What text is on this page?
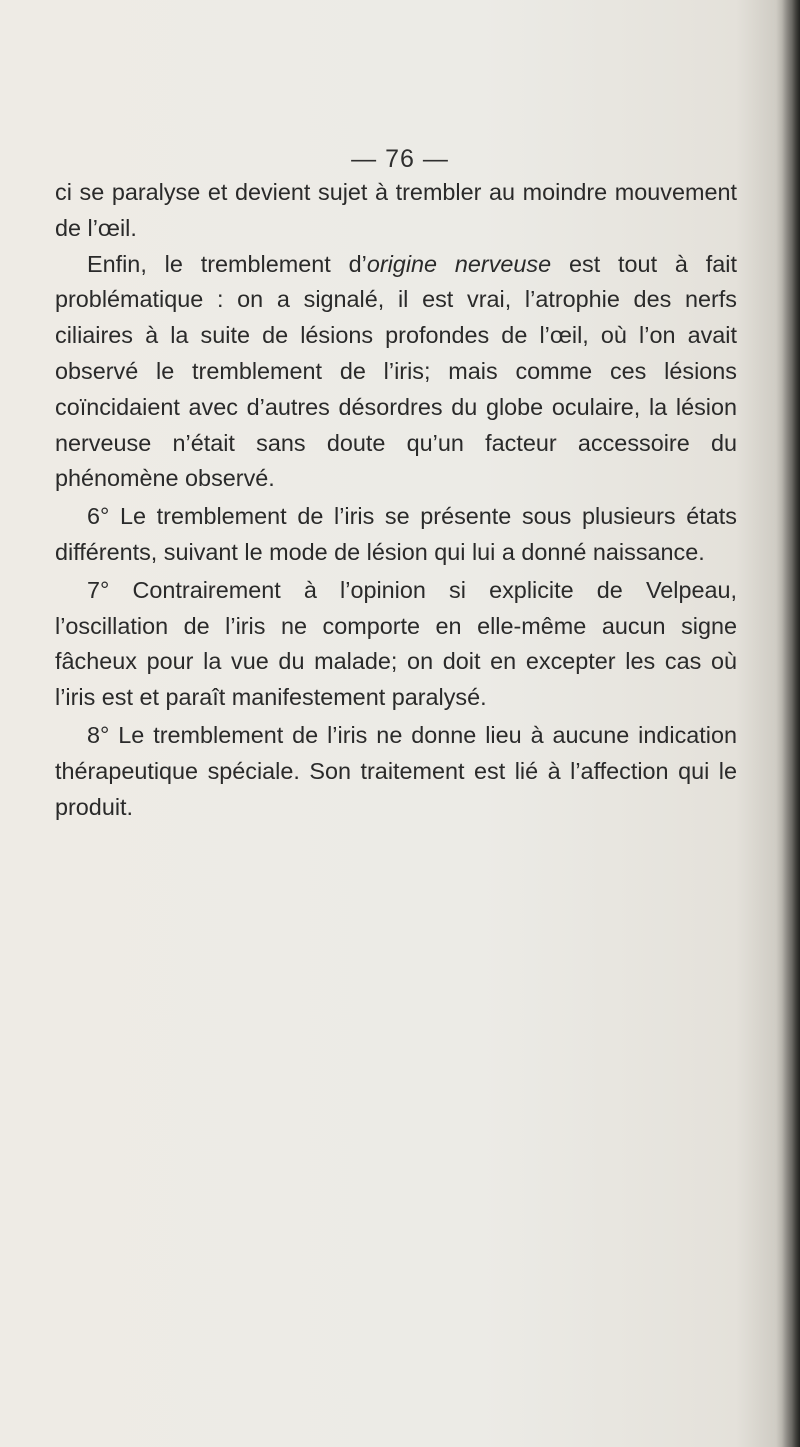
— 76 —

ci se paralyse et devient sujet à trembler au moindre mouvement de l’œil.

Enfin, le tremblement d’origine nerveuse est tout à fait problématique : on a signalé, il est vrai, l’atrophie des nerfs ciliaires à la suite de lésions profondes de l’œil, où l’on avait observé le tremblement de l’iris; mais comme ces lésions coïncidaient avec d’autres désordres du globe oculaire, la lésion nerveuse n’était sans doute qu’un facteur accessoire du phénomène observé.

6° Le tremblement de l’iris se présente sous plusieurs états différents, suivant le mode de lésion qui lui a donné naissance.

7° Contrairement à l’opinion si explicite de Velpeau, l’oscillation de l’iris ne comporte en elle-même aucun signe fâcheux pour la vue du malade; on doit en excepter les cas où l’iris est et paraît manifestement paralysé.

8° Le tremblement de l’iris ne donne lieu à aucune indication thérapeutique spéciale. Son traitement est lié à l’affection qui le produit.
